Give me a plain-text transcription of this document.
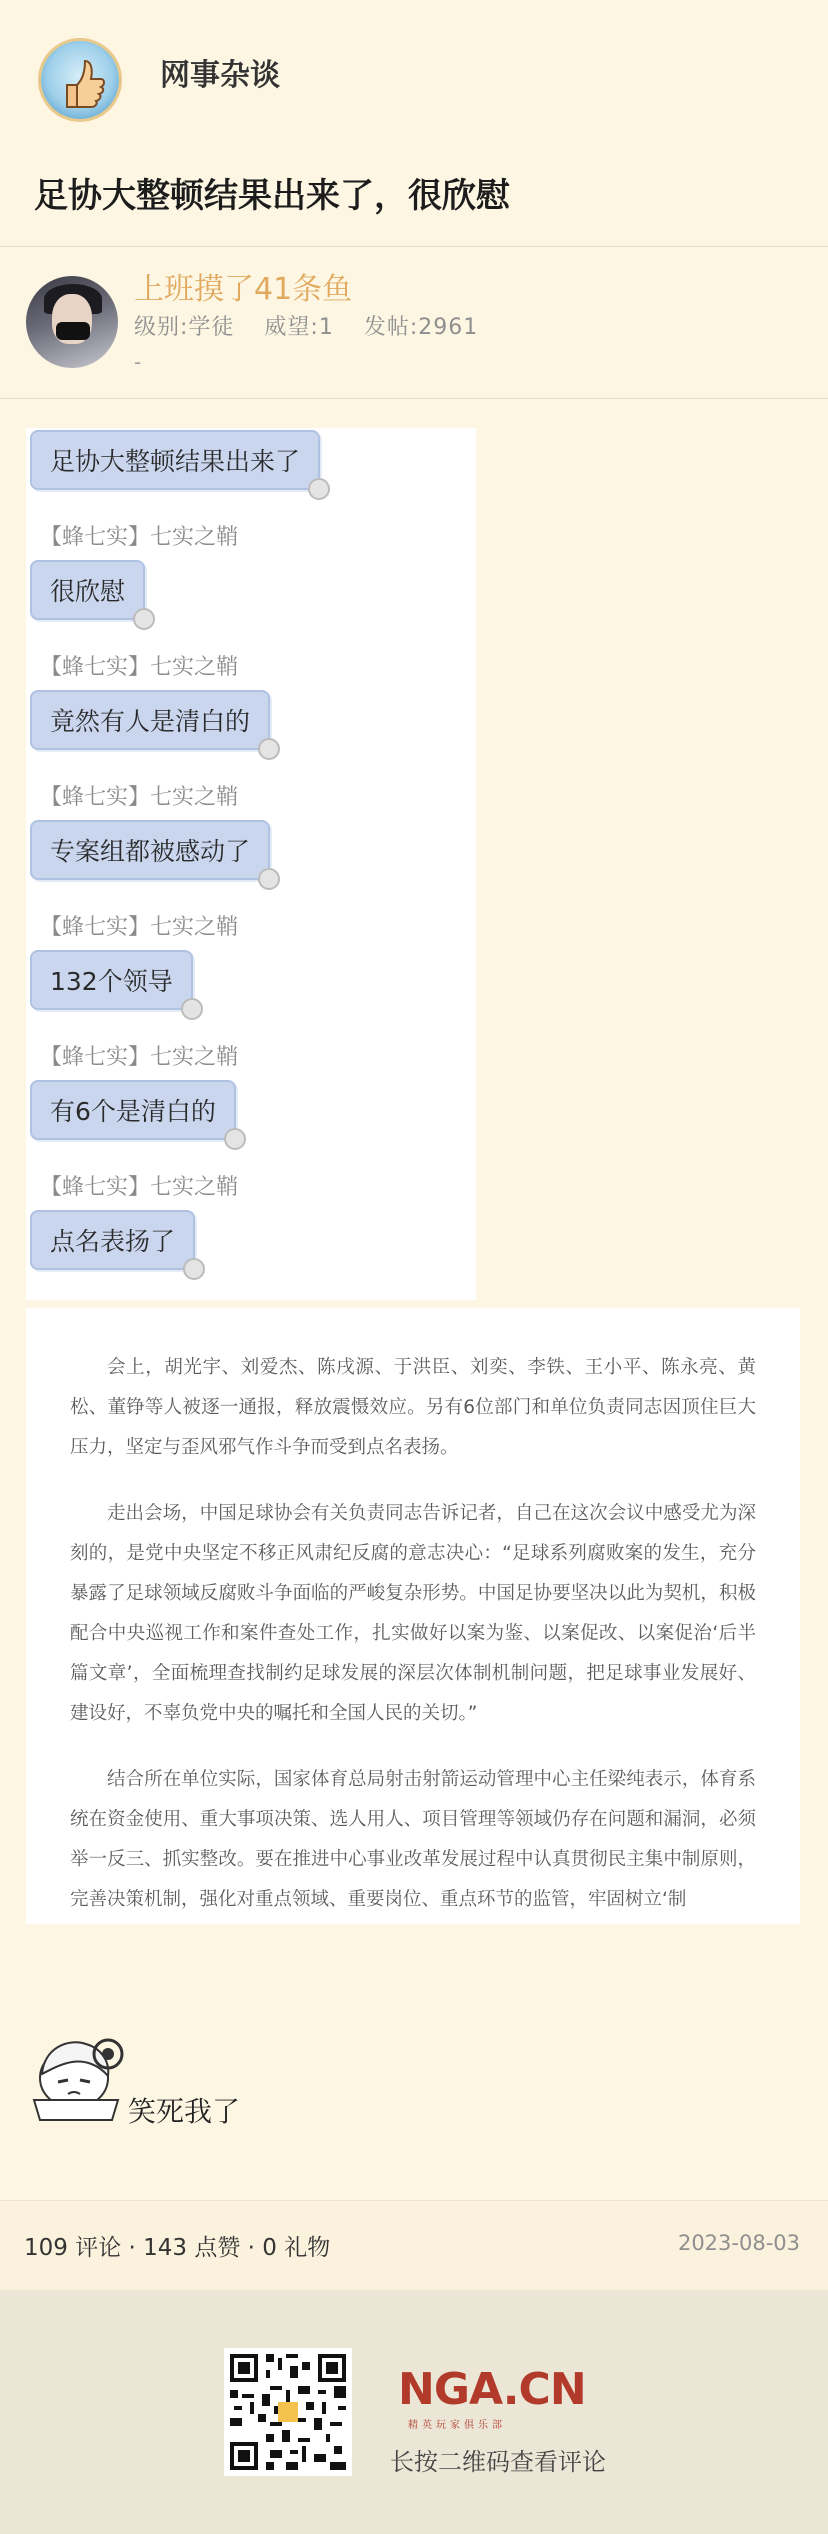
网事杂谈
足协大整顿结果出来了，很欣慰
上班摸了41条鱼
级别:学徒 威望:1 发帖:2961
-
足协大整顿结果出来了
【蜂七实】七实之鞘
很欣慰
【蜂七实】七实之鞘
竟然有人是清白的
【蜂七实】七实之鞘
专案组都被感动了
【蜂七实】七实之鞘
132个领导
【蜂七实】七实之鞘
有6个是清白的
【蜂七实】七实之鞘
点名表扬了

会上，胡光宇、刘爱杰、陈戌源、于洪臣、刘奕、李铁、王小平、陈永亮、黄松、董铮等人被逐一通报，释放震慑效应。另有6位部门和单位负责同志因顶住巨大压力，坚定与歪风邪气作斗争而受到点名表扬。

走出会场，中国足球协会有关负责同志告诉记者，自己在这次会议中感受尤为深刻的，是党中央坚定不移正风肃纪反腐的意志决心：“足球系列腐败案的发生，充分暴露了足球领域反腐败斗争面临的严峻复杂形势。中国足协要坚决以此为契机，积极配合中央巡视工作和案件查处工作，扎实做好以案为鉴、以案促改、以案促治‘后半篇文章’，全面梳理查找制约足球发展的深层次体制机制问题，把足球事业发展好、建设好，不辜负党中央的嘱托和全国人民的关切。”

结合所在单位实际，国家体育总局射击射箭运动管理中心主任梁纯表示，体育系统在资金使用、重大事项决策、选人用人、项目管理等领域仍存在问题和漏洞，必须举一反三、抓实整改。要在推进中心事业改革发展过程中认真贯彻民主集中制原则，完善决策机制，强化对重点领域、重要岗位、重点环节的监管，牢固树立‘制

笑死我了
109 评论 · 143 点赞 · 0 礼物	2023-08-03
NGA.CN
精英玩家俱乐部
长按二维码查看评论
